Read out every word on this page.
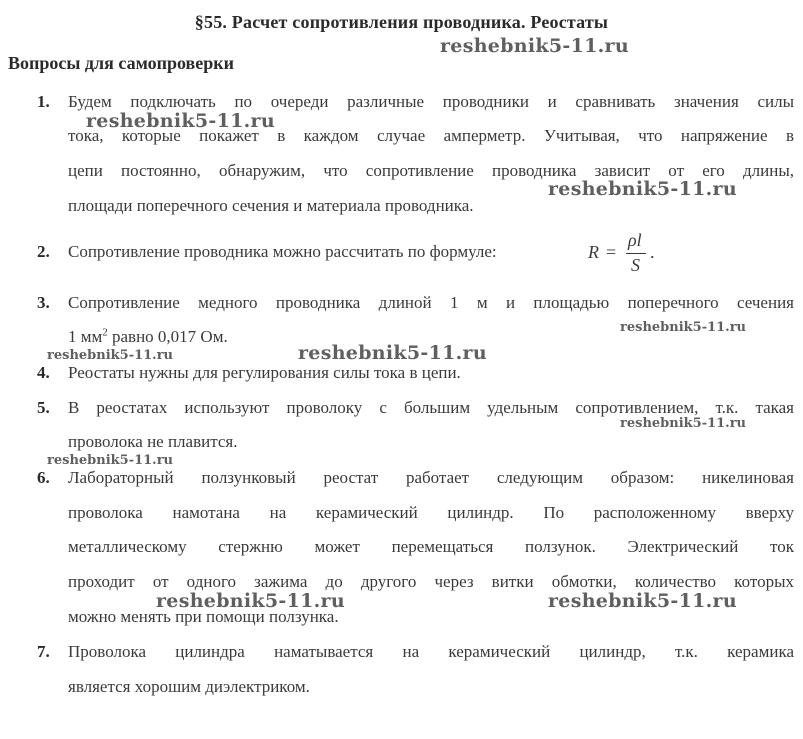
§55. Расчет сопротивления проводника. Реостаты
Вопросы для самопроверки
1. Будем подключать по очереди различные проводники и сравнивать значения силы
тока, которые покажет в каждом случае амперметр. Учитывая, что напряжение в
цепи постоянно, обнаружим, что сопротивление проводника зависит от его длины,
площади поперечного сечения и материала проводника.
2. Сопротивление проводника можно рассчитать по формуле:	R =
ρl
S
.
3. Сопротивление медного проводника длиной 1 м и площадью поперечного сечения
1 $мм^2$ равно 0,017 Ом.
4. Реостаты нужны для регулирования силы тока в цепи.
5. В реостатах используют проволоку с большим удельным сопротивлением, т.к. такая
проволока не плавится.
6. Лабораторный ползунковый реостат работает следующим образом: никелиновая
проволока намотана на керамический цилиндр. По расположенному вверху
металлическому стержню может перемещаться ползунок. Электрический ток
проходит от одного зажима до другого через витки обмотки, количество которых
можно менять при помощи ползунка.
7. Проволока цилиндра наматывается на керамический цилиндр, т.к. керамика
является хорошим диэлектриком.
reshebnik5-11.ru
reshebnik5-11.ru
reshebnik5-11.ru
reshebnik5-11.ru
reshebnik5-11.ru	reshebnik5-11.ru
reshebnik5-11.ru
reshebnik5-11.ru
reshebnik5-11.ru	reshebnik5-11.ru
